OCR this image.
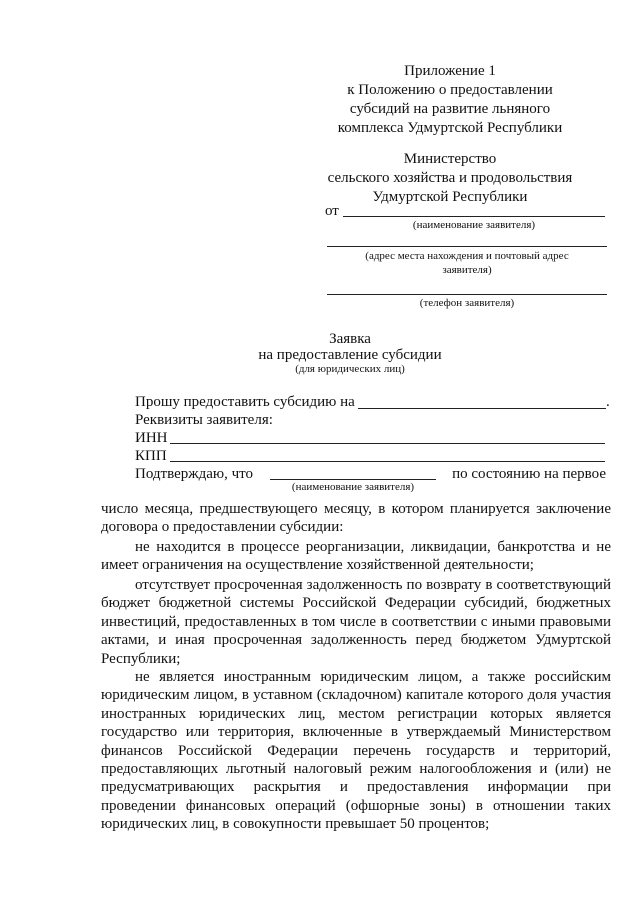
Приложение 1
к Положению о предоставлении
субсидий на развитие льняного
комплекса Удмуртской Республики
Министерство
сельского хозяйства и продовольствия
Удмуртской Республики
от
(наименование заявителя)
(адрес места нахождения и почтовый адрес
заявителя)
(телефон заявителя)
Заявка
на предоставление субсидии
(для юридических лиц)
Прошу предоставить субсидию на	.
Реквизиты заявителя:
ИНН
КПП
Подтверждаю, что
(наименование заявителя)
по состоянию на первое
число месяца, предшествующего месяцу, в котором планируется заключение договора о предоставлении субсидии:
не находится в процессе реорганизации, ликвидации, банкротства и не имеет ограничения на осуществление хозяйственной деятельности;
отсутствует просроченная задолженность по возврату в соответствующий бюджет бюджетной системы Российской Федерации субсидий, бюджетных инвестиций, предоставленных в том числе в соответствии с иными правовыми актами, и иная просроченная задолженность перед бюджетом Удмуртской Республики;
не является иностранным юридическим лицом, а также российским юридическим лицом, в уставном (складочном) капитале которого доля участия иностранных юридических лиц, местом регистрации которых является государство или территория, включенные в утверждаемый Министерством финансов Российской Федерации перечень государств и территорий, предоставляющих льготный налоговый режим налогообложения и (или) не предусматривающих раскрытия и предоставления информации при проведении финансовых операций (офшорные зоны) в отношении таких юридических лиц, в совокупности превышает 50 процентов;
